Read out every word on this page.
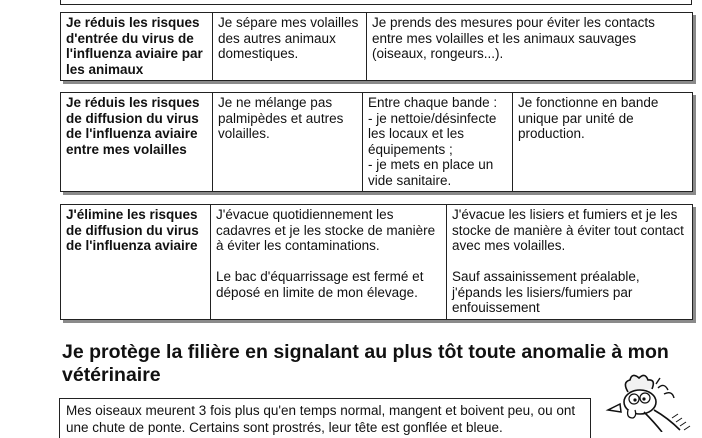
Je réduis les risques d'entrée du virus de l'influenza aviaire par les animaux	Je sépare mes volailles des autres animaux domestiques.	Je prends des mesures pour éviter les contacts entre mes volailles et les animaux sauvages (oiseaux, rongeurs...).
Je réduis les risques de diffusion du virus de l'influenza aviaire entre mes volailles	Je ne mélange pas palmipèdes et autres volailles.	Entre chaque bande :
- je nettoie/désinfecte les locaux et les équipements ;
- je mets en place un vide sanitaire.	Je fonctionne en bande unique par unité de production.
J'élimine les risques de diffusion du virus de l'influenza aviaire	J'évacue quotidiennement les cadavres et je les stocke de manière à éviter les contaminations.

Le bac d'équarrissage est fermé et déposé en limite de mon élevage.	J'évacue les lisiers et fumiers et je les stocke de manière à éviter tout contact avec mes volailles.

Sauf assainissement préalable, j'épands les lisiers/fumiers par enfouissement
Je protège la filière en signalant au plus tôt toute anomalie à mon vétérinaire
Mes oiseaux meurent 3 fois plus qu'en temps normal, mangent et boivent peu, ou ont une chute de ponte. Certains sont prostrés, leur tête est gonflée et bleue.
